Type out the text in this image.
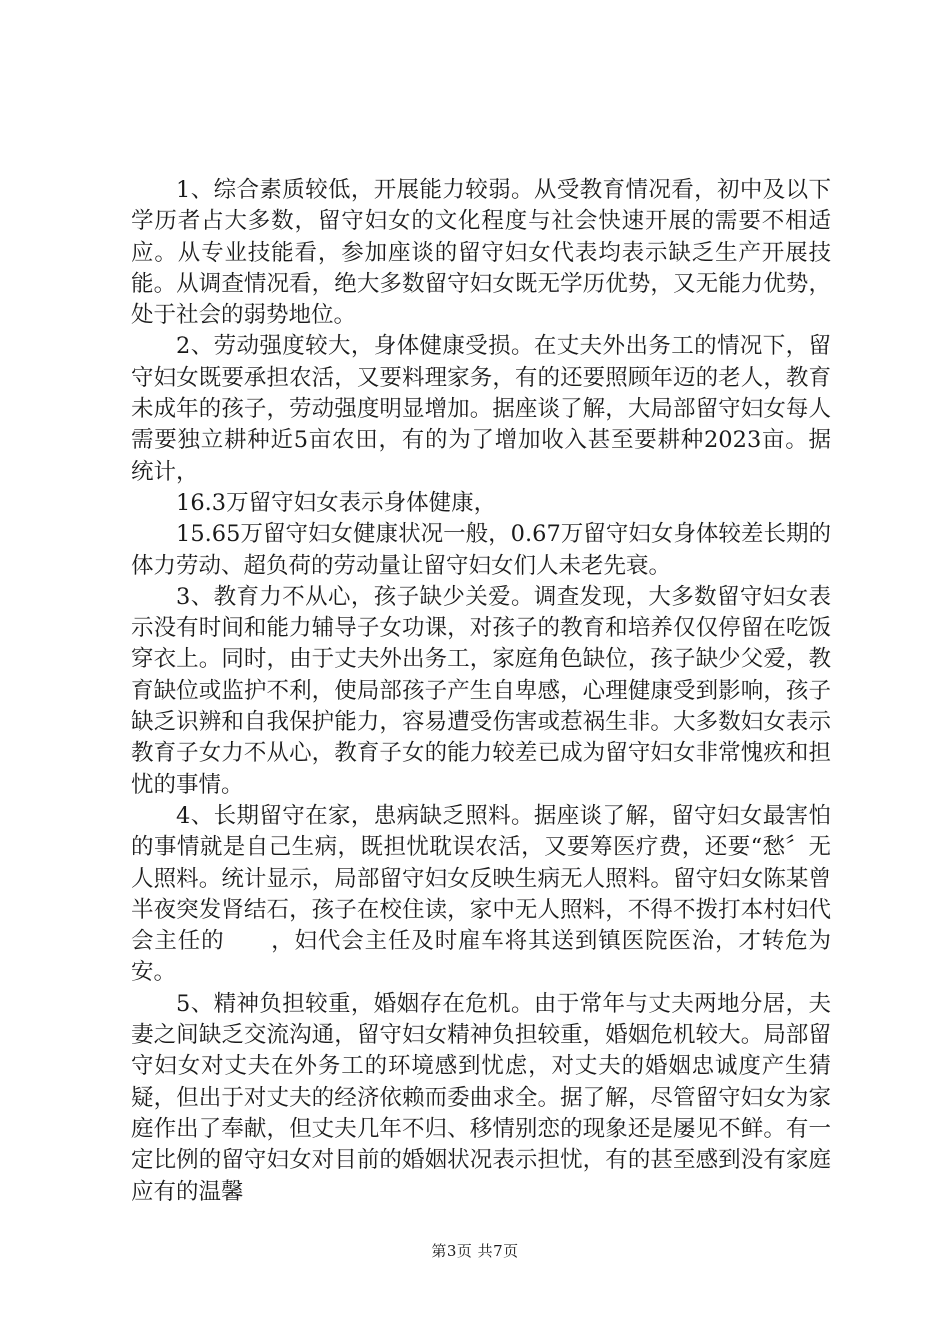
1、综合素质较低，开展能力较弱。从受教育情况看，初中及以下学历者占大多数，留守妇女的文化程度与社会快速开展的需要不相适应。从专业技能看，参加座谈的留守妇女代表均表示缺乏生产开展技能。从调查情况看，绝大多数留守妇女既无学历优势，又无能力优势，处于社会的弱势地位。

2、劳动强度较大，身体健康受损。在丈夫外出务工的情况下，留守妇女既要承担农活，又要料理家务，有的还要照顾年迈的老人，教育未成年的孩子，劳动强度明显增加。据座谈了解，大局部留守妇女每人需要独立耕种近5亩农田，有的为了增加收入甚至要耕种2023亩。据统计，

16.3万留守妇女表示身体健康，

15.65万留守妇女健康状况一般，0.67万留守妇女身体较差长期的体力劳动、超负荷的劳动量让留守妇女们人未老先衰。

3、教育力不从心，孩子缺少关爱。调查发现，大多数留守妇女表示没有时间和能力辅导子女功课，对孩子的教育和培养仅仅停留在吃饭穿衣上。同时，由于丈夫外出务工，家庭角色缺位，孩子缺少父爱，教育缺位或监护不利，使局部孩子产生自卑感，心理健康受到影响，孩子缺乏识辨和自我保护能力，容易遭受伤害或惹祸生非。大多数妇女表示教育子女力不从心，教育子女的能力较差已成为留守妇女非常愧疚和担忧的事情。

4、长期留守在家，患病缺乏照料。据座谈了解，留守妇女最害怕的事情就是自己生病，既担忧耽误农活，又要筹医疗费，还要“愁〞无人照料。统计显示，局部留守妇女反映生病无人照料。留守妇女陈某曾半夜突发肾结石，孩子在校住读，家中无人照料，不得不拨打本村妇代会主任的　　，妇代会主任及时雇车将其送到镇医院医治，才转危为安。

5、精神负担较重，婚姻存在危机。由于常年与丈夫两地分居，夫妻之间缺乏交流沟通，留守妇女精神负担较重，婚姻危机较大。局部留守妇女对丈夫在外务工的环境感到忧虑，对丈夫的婚姻忠诚度产生猜疑，但出于对丈夫的经济依赖而委曲求全。据了解，尽管留守妇女为家庭作出了奉献，但丈夫几年不归、移情别恋的现象还是屡见不鲜。有一定比例的留守妇女对目前的婚姻状况表示担忧，有的甚至感到没有家庭应有的温馨

第3页 共7页
